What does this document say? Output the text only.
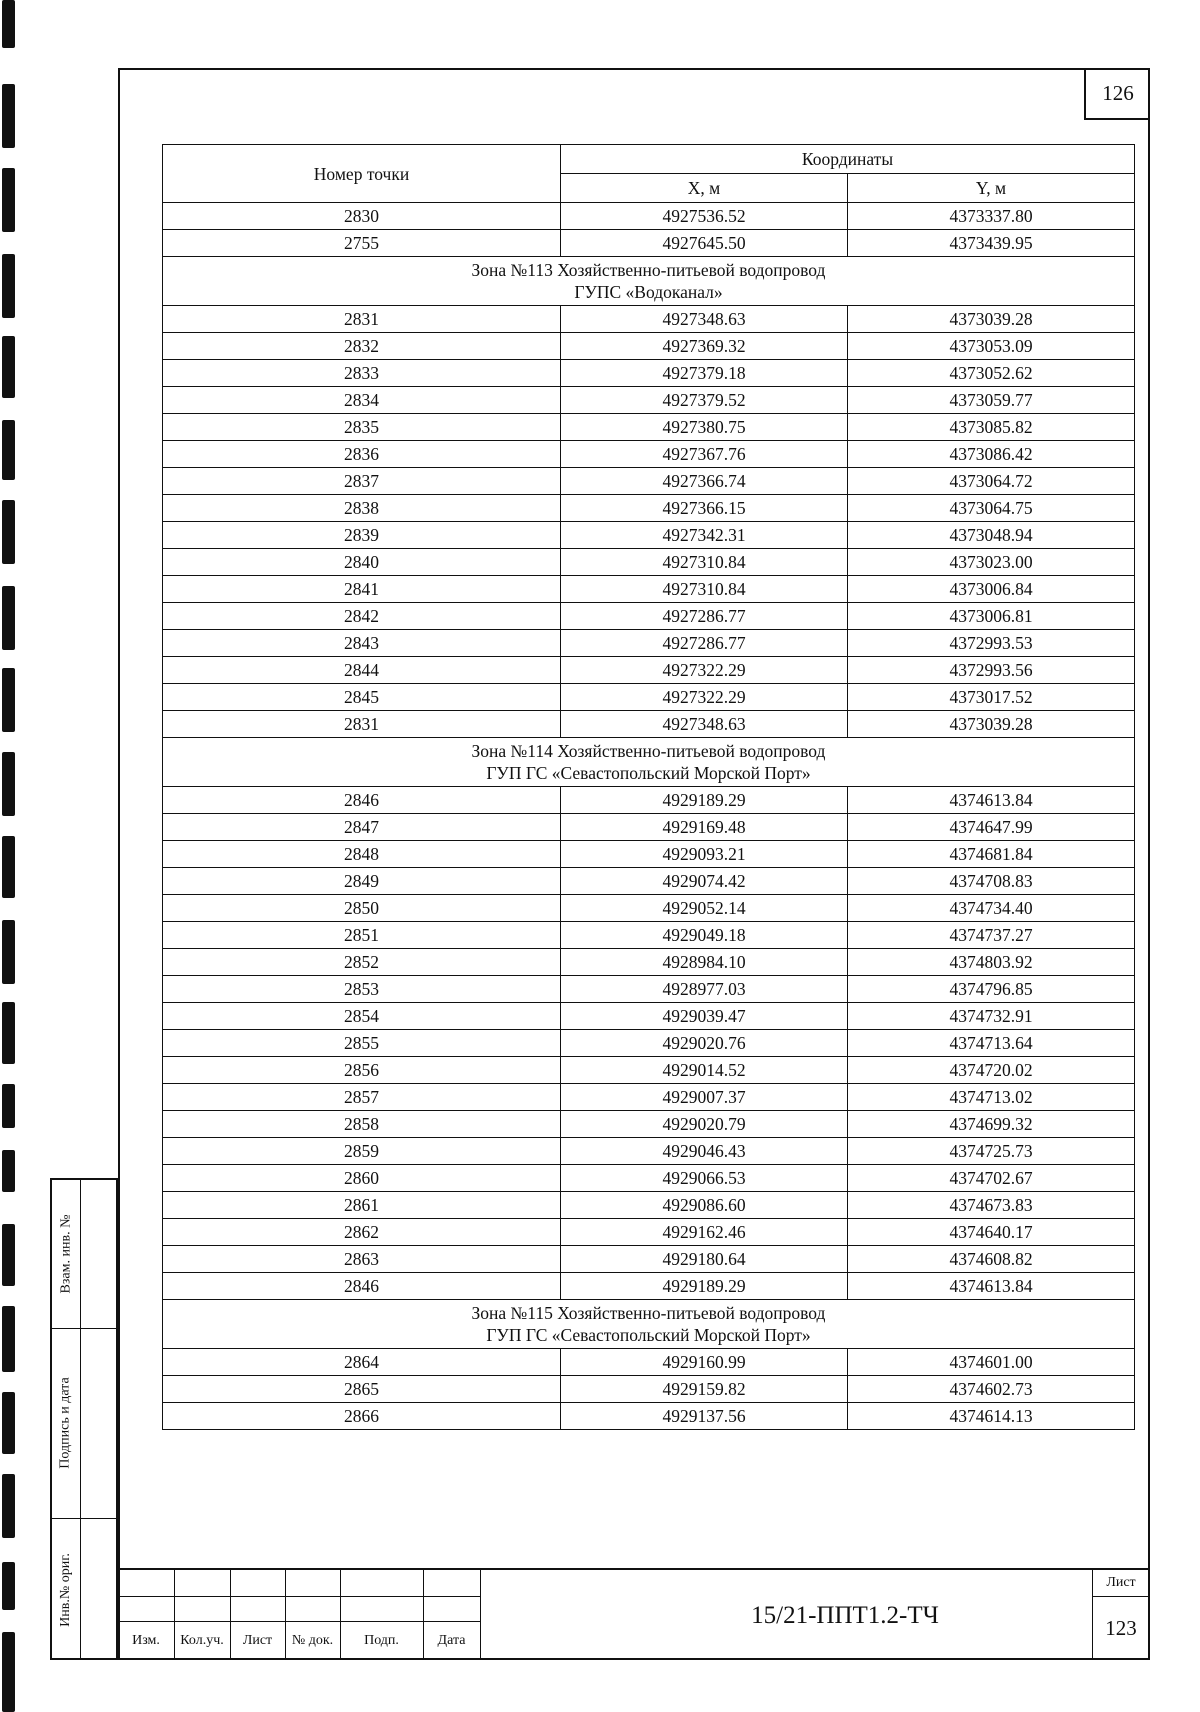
126
Номер точки	Координаты	
	X, м	Y, м
2830	4927536.52	4373337.80
2755	4927645.50	4373439.95

Зона №113 Хозяйственно-питьевой водопровод
ГУПС «Водоканал»		

2831	4927348.63	4373039.28
2832	4927369.32	4373053.09
2833	4927379.18	4373052.62
2834	4927379.52	4373059.77
2835	4927380.75	4373085.82
2836	4927367.76	4373086.42
2837	4927366.74	4373064.72
2838	4927366.15	4373064.75
2839	4927342.31	4373048.94
2840	4927310.84	4373023.00
2841	4927310.84	4373006.84
2842	4927286.77	4373006.81
2843	4927286.77	4372993.53
2844	4927322.29	4372993.56
2845	4927322.29	4373017.52
2831	4927348.63	4373039.28

Зона №114 Хозяйственно-питьевой водопровод
ГУП ГС «Севастопольский Морской Порт»		

2846	4929189.29	4374613.84
2847	4929169.48	4374647.99
2848	4929093.21	4374681.84
2849	4929074.42	4374708.83
2850	4929052.14	4374734.40
2851	4929049.18	4374737.27
2852	4928984.10	4374803.92
2853	4928977.03	4374796.85
2854	4929039.47	4374732.91
2855	4929020.76	4374713.64
2856	4929014.52	4374720.02
2857	4929007.37	4374713.02
2858	4929020.79	4374699.32
2859	4929046.43	4374725.73
2860	4929066.53	4374702.67
2861	4929086.60	4374673.83
2862	4929162.46	4374640.17
2863	4929180.64	4374608.82
2846	4929189.29	4374613.84

Зона №115 Хозяйственно-питьевой водопровод
ГУП ГС «Севастопольский Морской Порт»		

2864	4929160.99	4374601.00
2865	4929159.82	4374602.73
2866	4929137.56	4374614.13
Взам. инв. №
Подпись и дата
Инв.№ ориг.
Изм.	Кол.уч.	Лист	№ док.	Подп.	Дата
15/21-ППТ1.2-ТЧ
Лист
123
